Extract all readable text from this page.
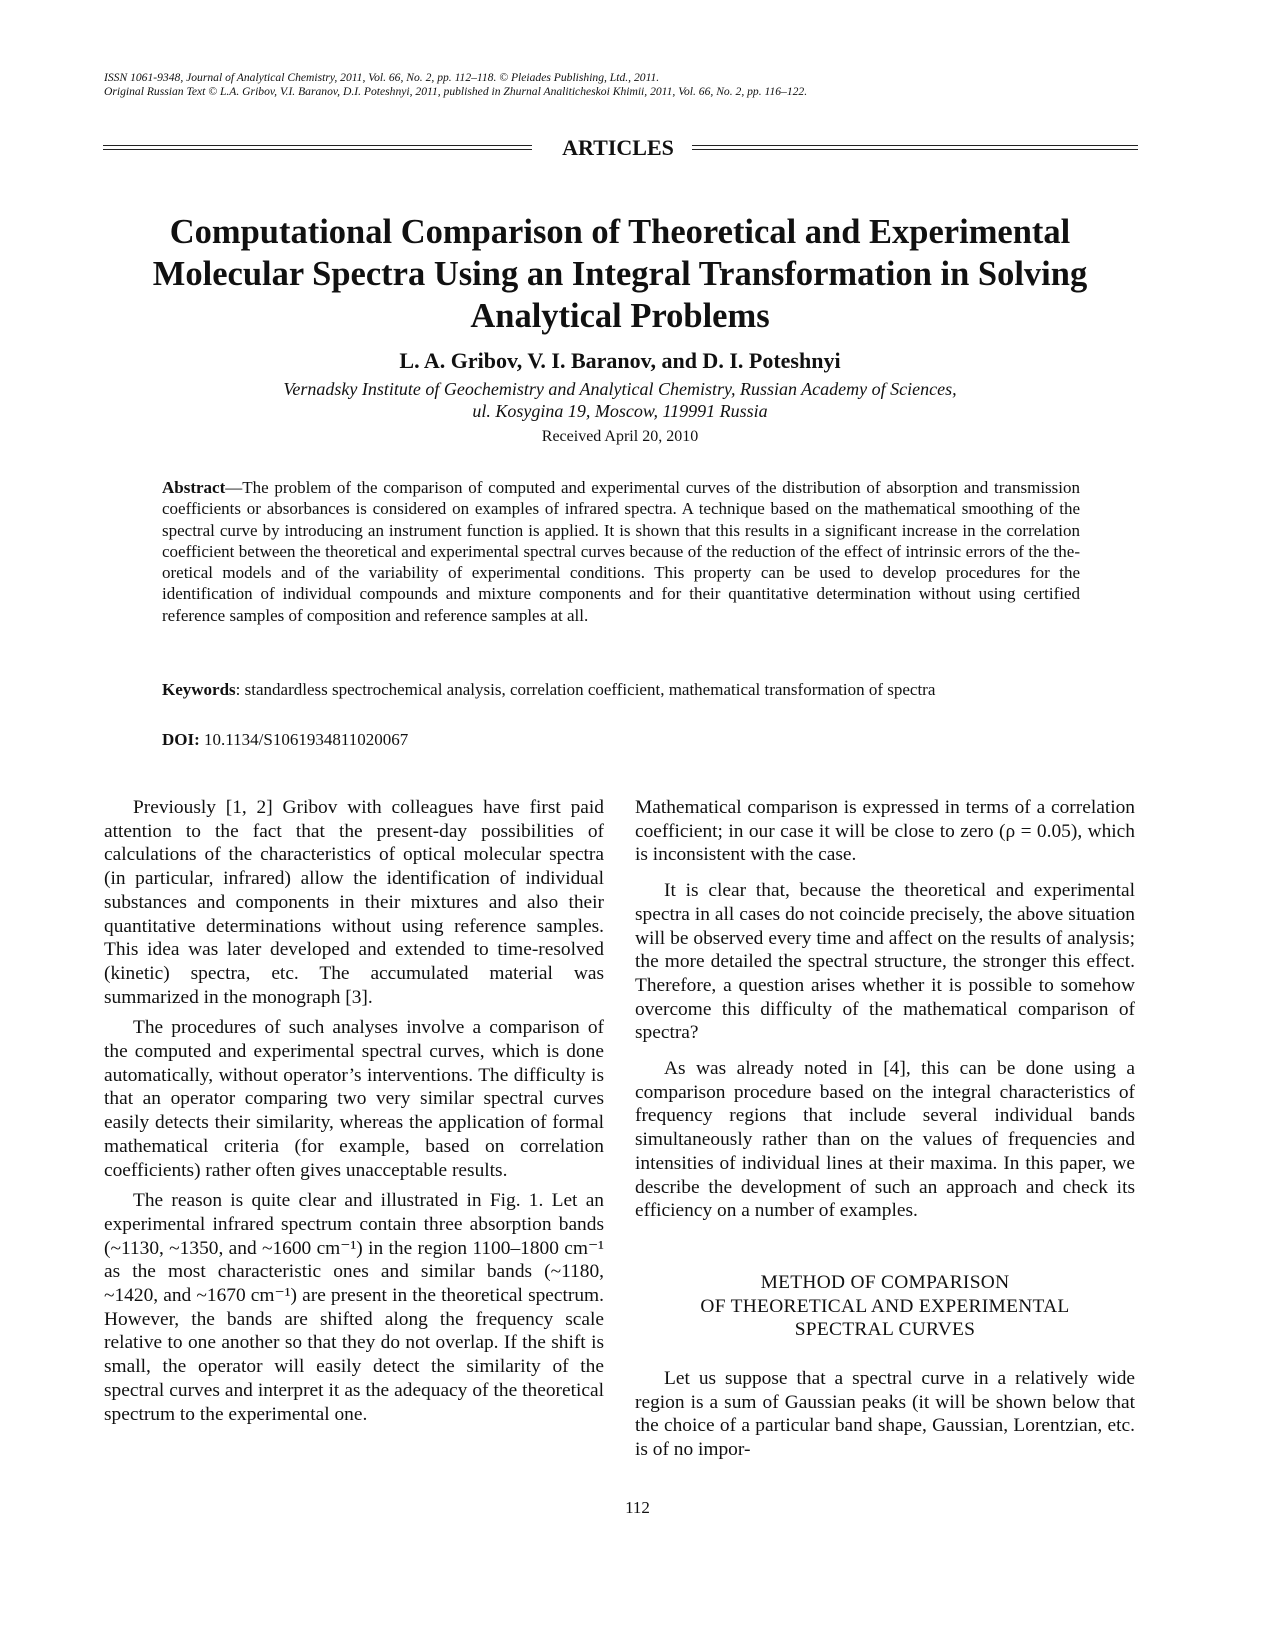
ISSN 1061-9348, Journal of Analytical Chemistry, 2011, Vol. 66, No. 2, pp. 112–118. © Pleiades Publishing, Ltd., 2011.
Original Russian Text © L.A. Gribov, V.I. Baranov, D.I. Poteshnyi, 2011, published in Zhurnal Analiticheskoi Khimii, 2011, Vol. 66, No. 2, pp. 116–122.
ARTICLES
Computational Comparison of Theoretical and Experimental
Molecular Spectra Using an Integral Transformation in Solving
Analytical Problems
L. A. Gribov, V. I. Baranov, and D. I. Poteshnyi
Vernadsky Institute of Geochemistry and Analytical Chemistry, Russian Academy of Sciences,
ul. Kosygina 19, Moscow, 119991 Russia
Received April 20, 2010
Abstract—The problem of the comparison of computed and experimental curves of the distribution of absorption and transmission coefficients or absorbances is considered on examples of infrared spectra. A technique based on the mathematical smoothing of the spectral curve by introducing an instrument function is applied. It is shown that this results in a significant increase in the correlation coefficient between the theoretical and experimental spectral curves because of the reduction of the effect of intrinsic errors of the theoretical models and of the variability of experimental conditions. This property can be used to develop procedures for the identification of individual compounds and mixture components and for their quantitative determination without using certified reference samples of composition and reference samples at all.
Keywords: standardless spectrochemical analysis, correlation coefficient, mathematical transformation of spectra
DOI: 10.1134/S1061934811020067

Previously [1, 2] Gribov with colleagues have first paid attention to the fact that the present-day possibilities of calculations of the characteristics of optical molecular spectra (in particular, infrared) allow the identification of individual substances and components in their mixtures and also their quantitative determinations without using reference samples. This idea was later developed and extended to time-resolved (kinetic) spectra, etc. The accumulated material was summarized in the monograph [3].

The procedures of such analyses involve a comparison of the computed and experimental spectral curves, which is done automatically, without operator’s interventions. The difficulty is that an operator comparing two very similar spectral curves easily detects their similarity, whereas the application of formal mathematical criteria (for example, based on correlation coefficients) rather often gives unacceptable results.

The reason is quite clear and illustrated in Fig. 1. Let an experimental infrared spectrum contain three absorption bands (~1130, ~1350, and ~1600 cm⁻¹) in the region 1100–1800 cm⁻¹ as the most characteristic ones and similar bands (~1180, ~1420, and ~1670 cm⁻¹) are present in the theoretical spectrum. However, the bands are shifted along the frequency scale relative to one another so that they do not overlap. If the shift is small, the operator will easily detect the similarity of the spectral curves and interpret it as the adequacy of the theoretical spectrum to the experimental one.

Mathematical comparison is expressed in terms of a correlation coefficient; in our case it will be close to zero (ρ = 0.05), which is inconsistent with the case.

It is clear that, because the theoretical and experimental spectra in all cases do not coincide precisely, the above situation will be observed every time and affect on the results of analysis; the more detailed the spectral structure, the stronger this effect. Therefore, a question arises whether it is possible to somehow overcome this difficulty of the mathematical comparison of spectra?

As was already noted in [4], this can be done using a comparison procedure based on the integral characteristics of frequency regions that include several individual bands simultaneously rather than on the values of frequencies and intensities of individual lines at their maxima. In this paper, we describe the development of such an approach and check its efficiency on a number of examples.

METHOD OF COMPARISON
OF THEORETICAL AND EXPERIMENTAL
SPECTRAL CURVES

Let us suppose that a spectral curve in a relatively wide region is a sum of Gaussian peaks (it will be shown below that the choice of a particular band shape, Gaussian, Lorentzian, etc. is of no impor-

112
